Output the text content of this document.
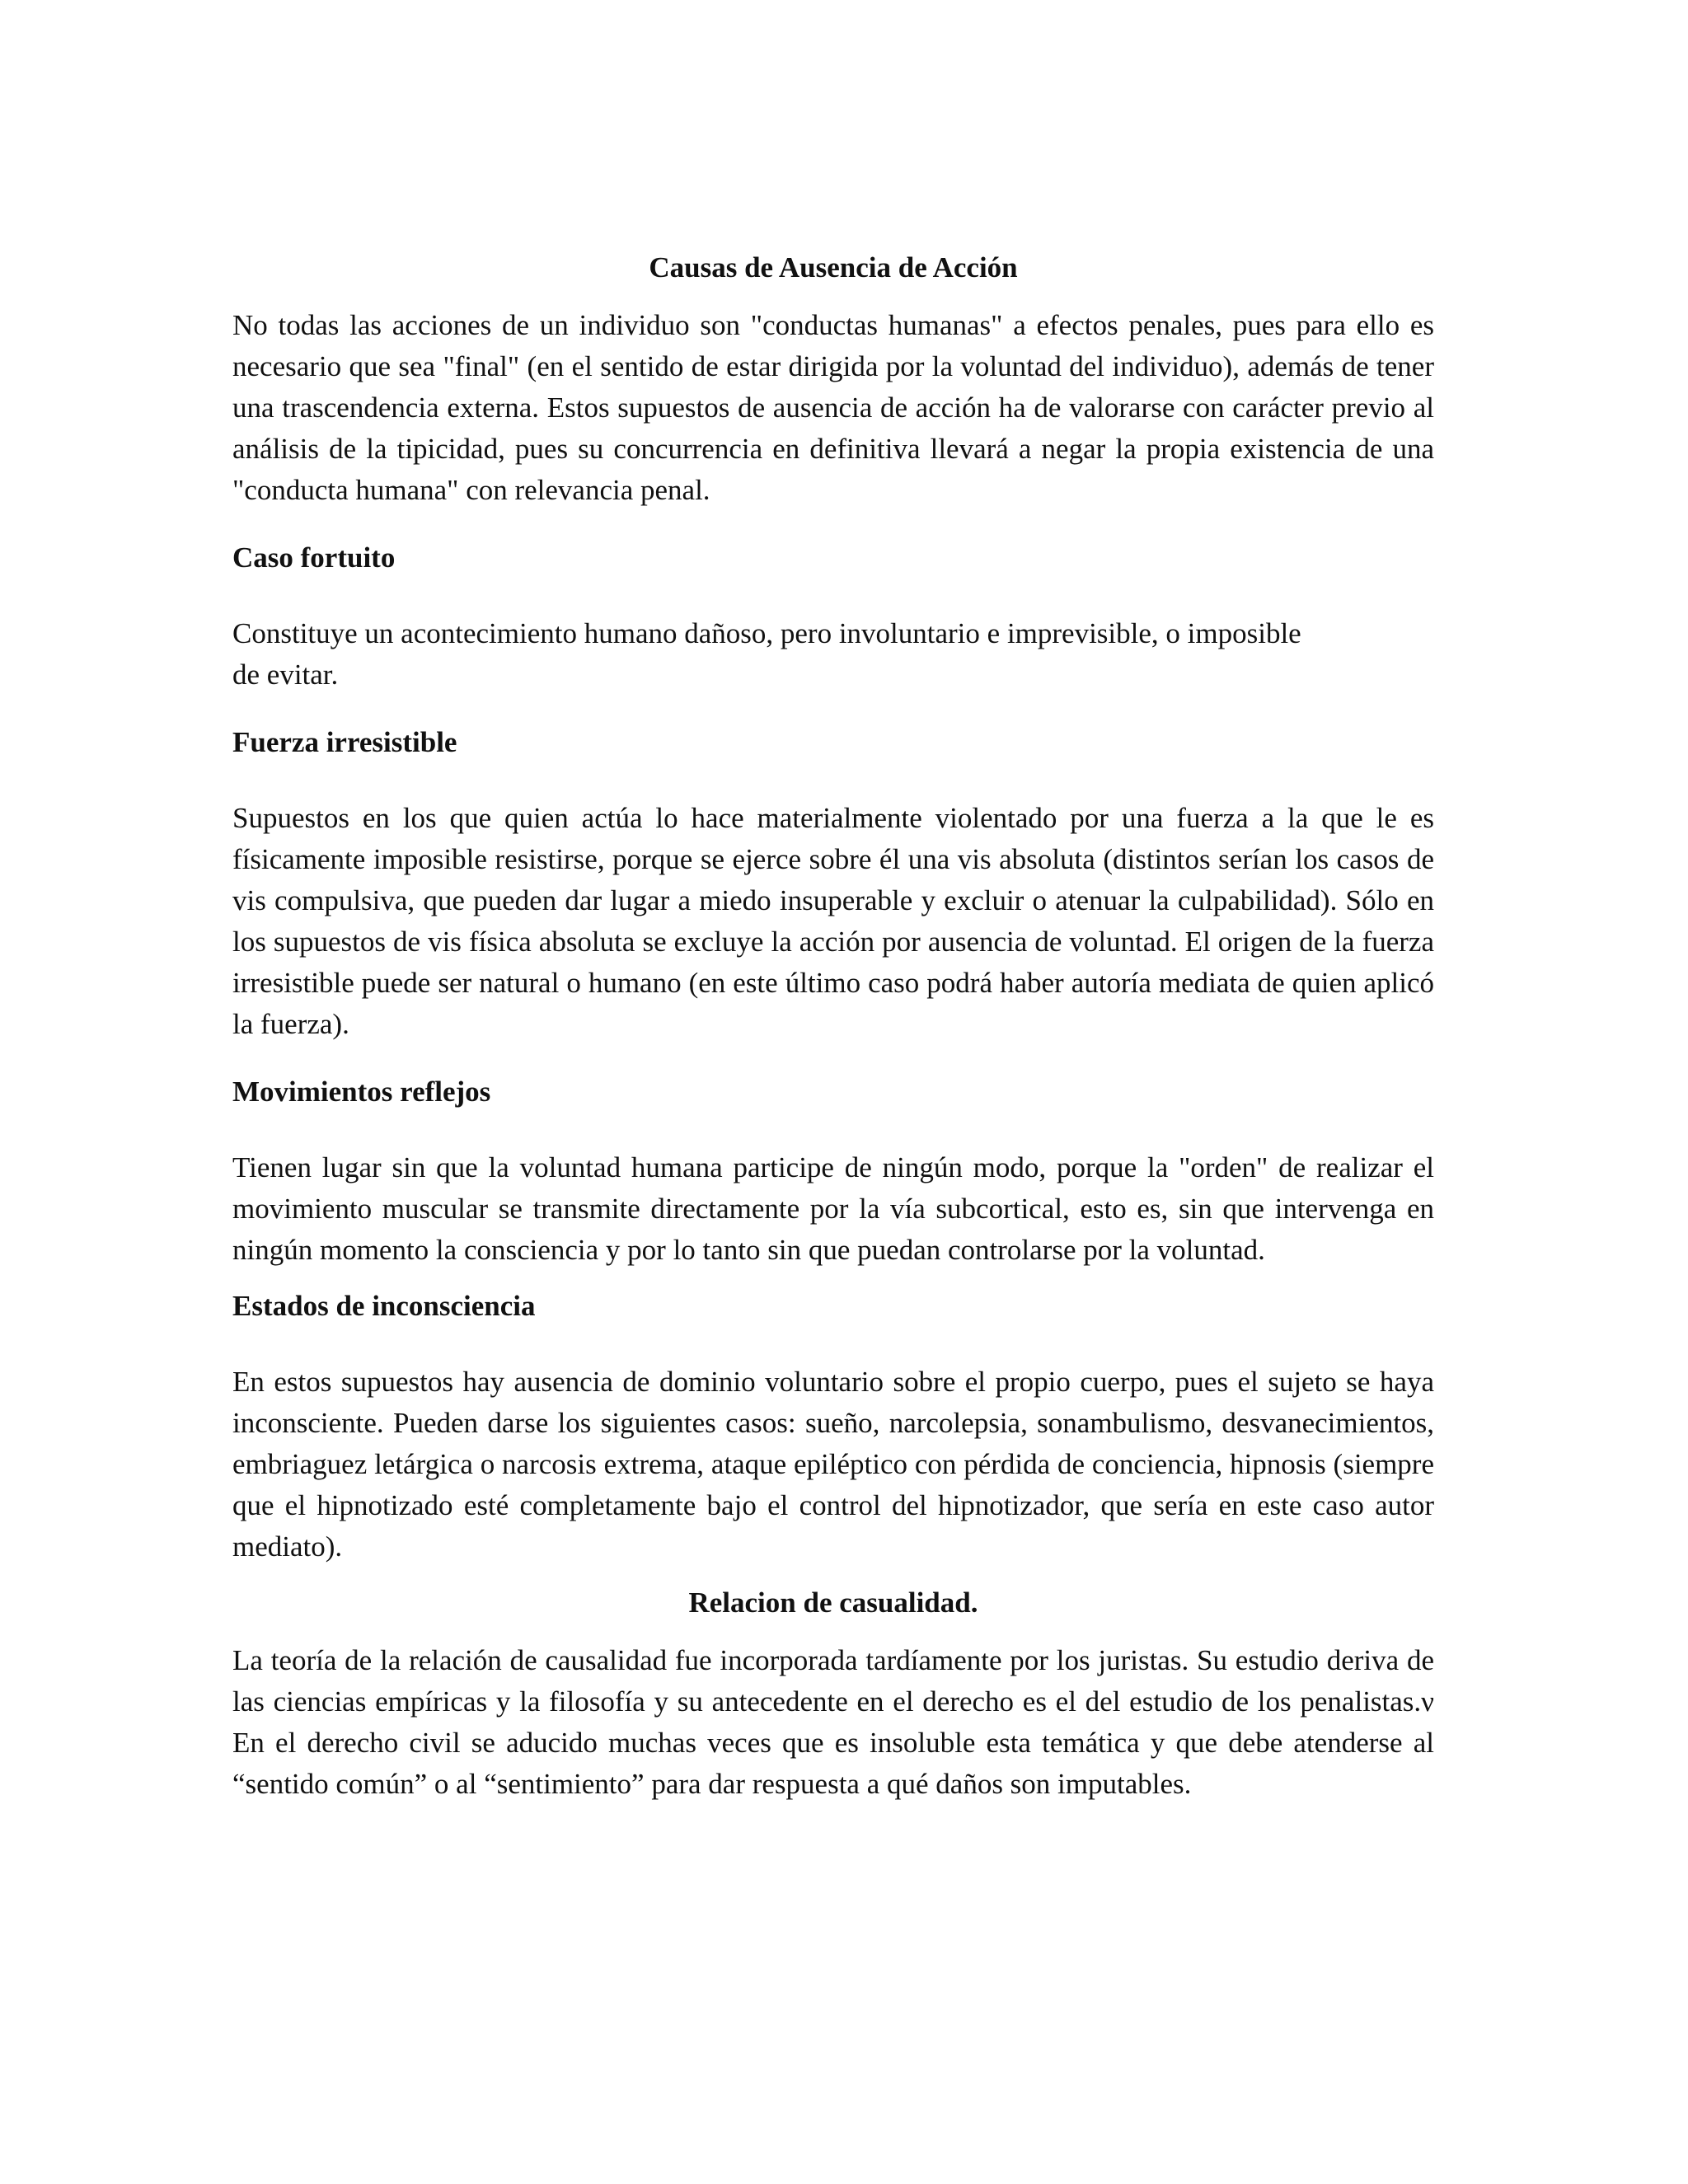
Causas de Ausencia de Acción

No todas las acciones de un individuo son "conductas humanas" a efectos penales, pues para ello es necesario que sea "final" (en el sentido de estar dirigida por la voluntad del individuo), además de tener una trascendencia externa. Estos supuestos de ausencia de acción ha de valorarse con carácter previo al análisis de la tipicidad, pues su concurrencia en definitiva llevará a negar la propia existencia de una "conducta humana" con relevancia penal.

Caso fortuito

Constituye un acontecimiento humano dañoso, pero involuntario e imprevisible, o imposible de evitar.

Fuerza irresistible

Supuestos en los que quien actúa lo hace materialmente violentado por una fuerza a la que le es físicamente imposible resistirse, porque se ejerce sobre él una vis absoluta (distintos serían los casos de vis compulsiva, que pueden dar lugar a miedo insuperable y excluir o atenuar la culpabilidad). Sólo en los supuestos de vis física absoluta se excluye la acción por ausencia de voluntad. El origen de la fuerza irresistible puede ser natural o humano (en este último caso podrá haber autoría mediata de quien aplicó la fuerza).

Movimientos reflejos

Tienen lugar sin que la voluntad humana participe de ningún modo, porque la "orden" de realizar el movimiento muscular se transmite directamente por la vía subcortical, esto es, sin que intervenga en ningún momento la consciencia y por lo tanto sin que puedan controlarse por la voluntad.

Estados de inconsciencia

En estos supuestos hay ausencia de dominio voluntario sobre el propio cuerpo, pues el sujeto se haya inconsciente. Pueden darse los siguientes casos: sueño, narcolepsia, sonambulismo, desvanecimientos, embriaguez letárgica o narcosis extrema, ataque epiléptico con pérdida de conciencia, hipnosis (siempre que el hipnotizado esté completamente bajo el control del hipnotizador, que sería en este caso autor mediato).

Relacion de casualidad.

La teoría de la relación de causalidad fue incorporada tardíamente por los juristas. Su estudio deriva de las ciencias empíricas y la filosofía y su antecedente en el derecho es el del estudio de los penalistas.ν En el derecho civil se aducido muchas veces que es insoluble esta temática y que debe atenderse al “sentido común” o al “sentimiento” para dar respuesta a qué daños son imputables.
